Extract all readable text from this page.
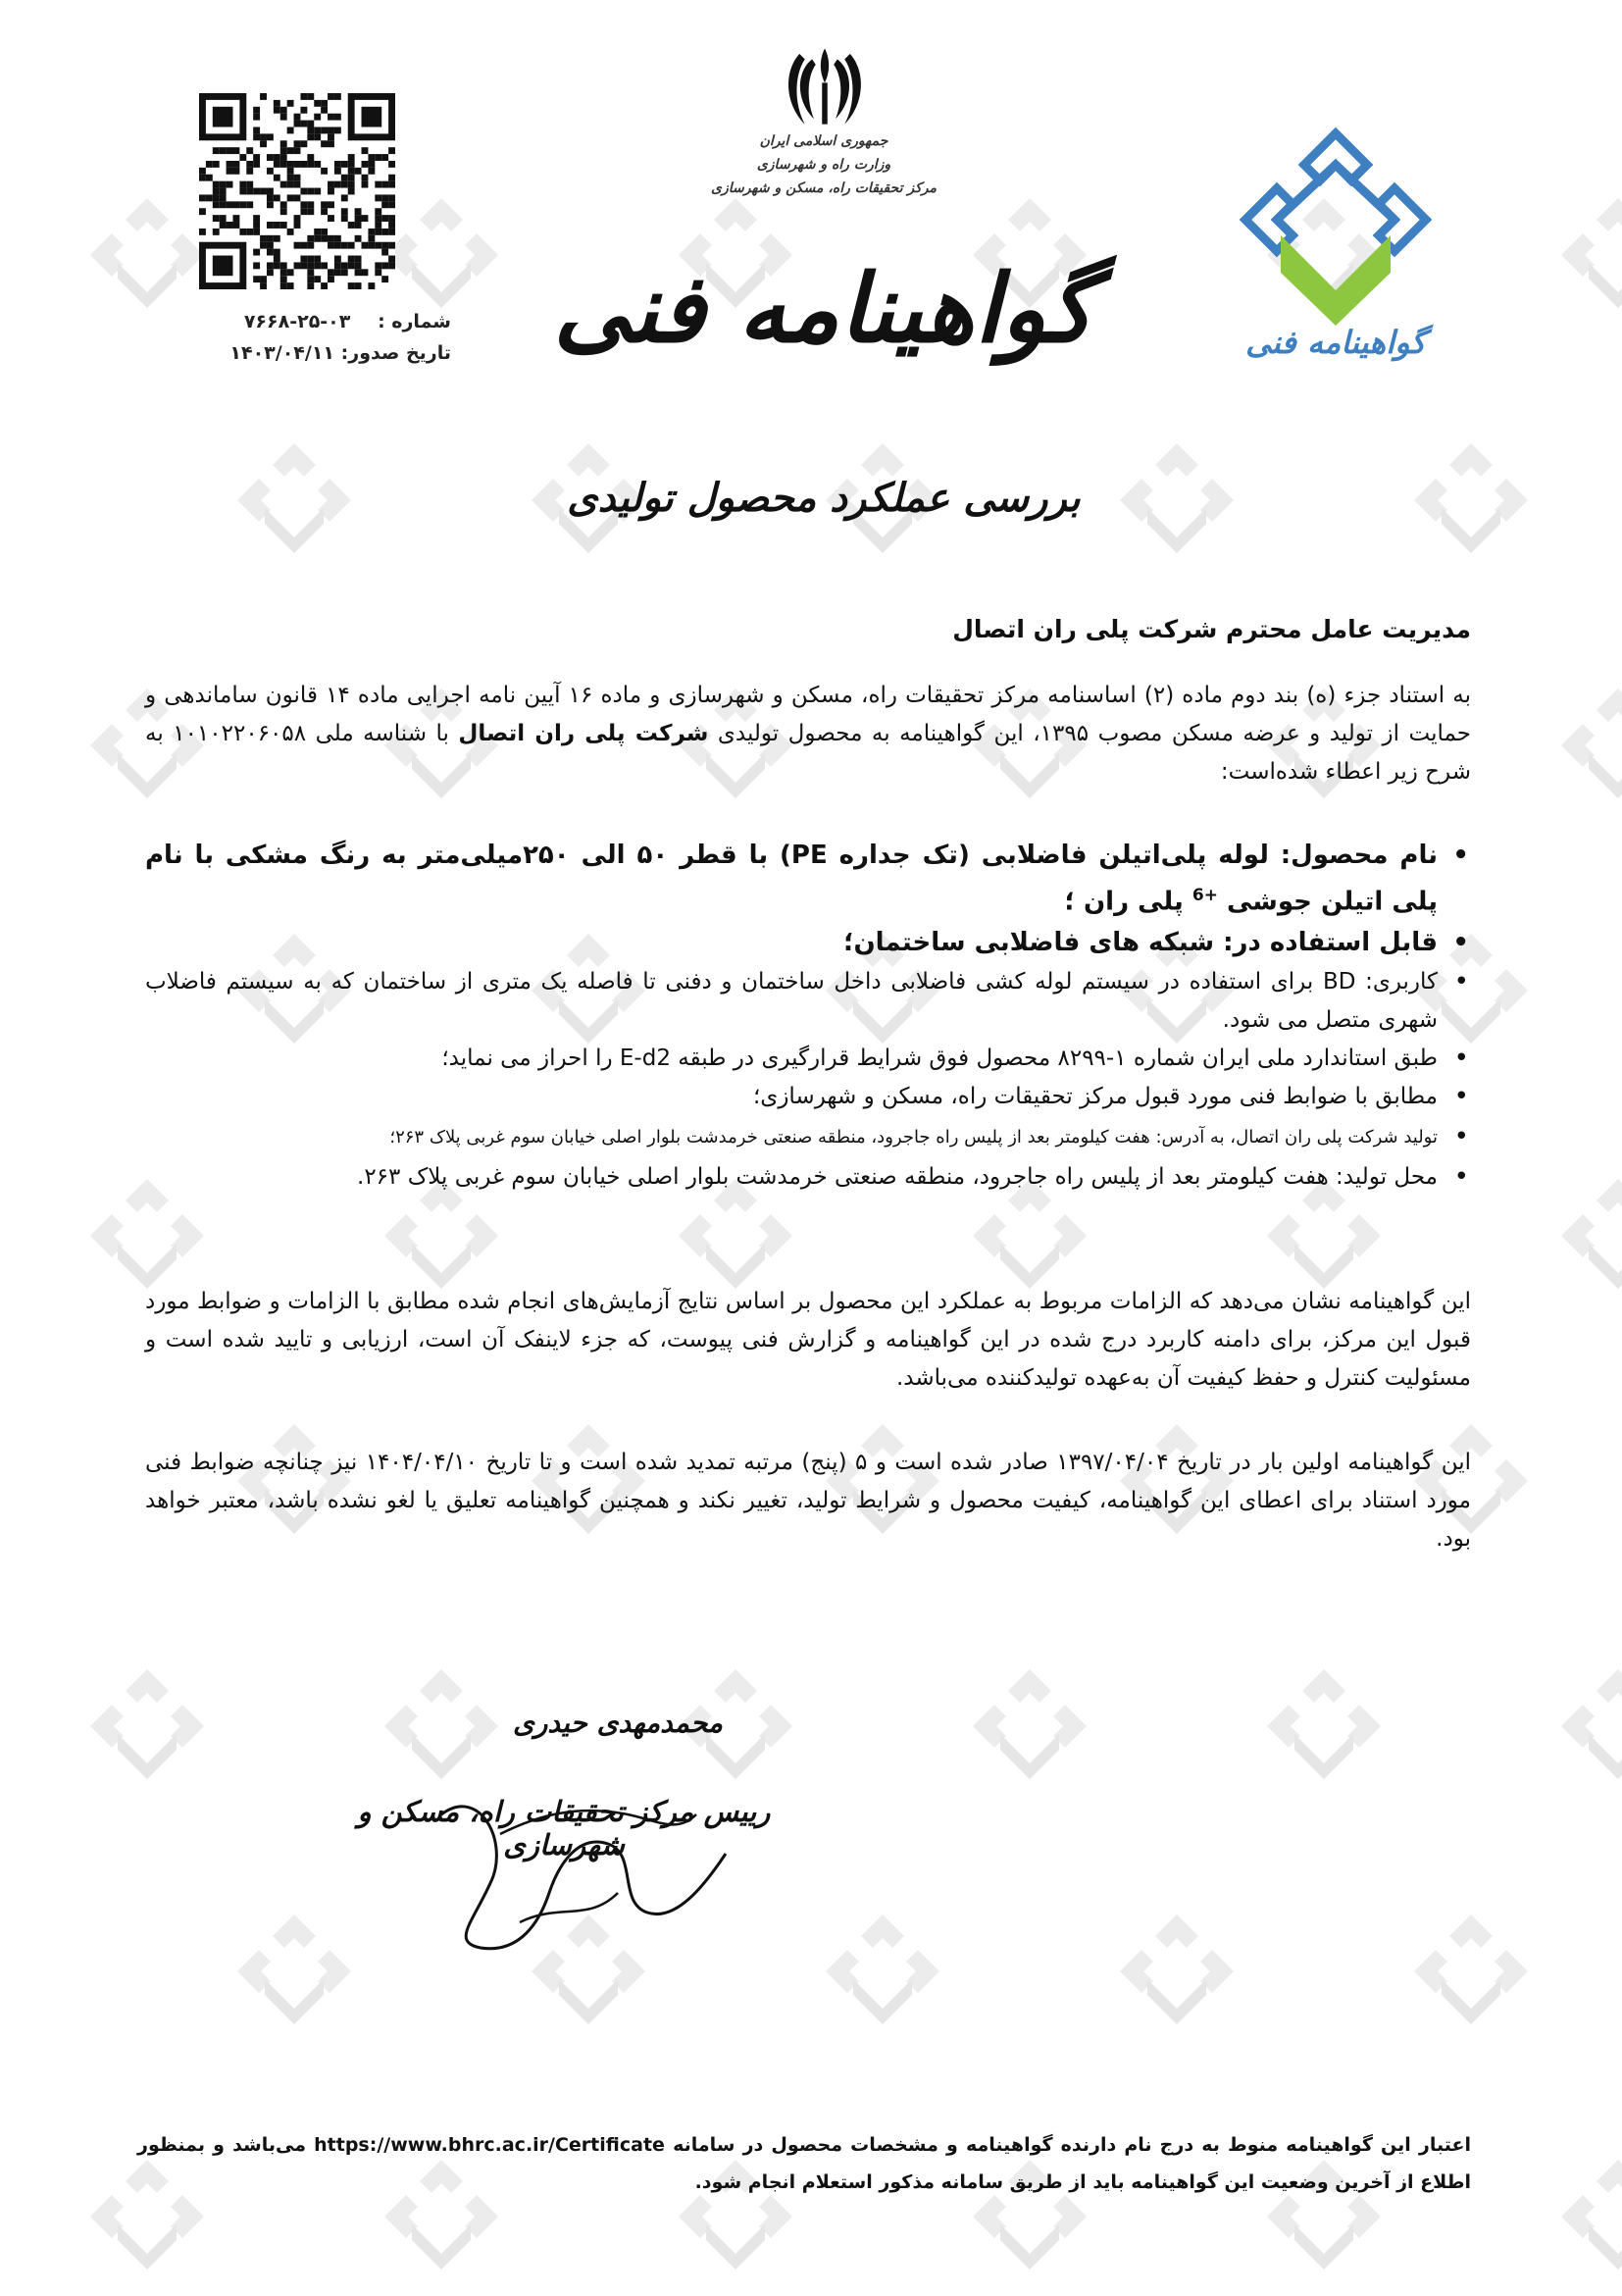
شماره : ۷۶۶۸-۲۵-۰۳
تاریخ صدور: ۱۴۰۳/۰۴/۱۱
جمهوری اسلامی ایران
وزارت راه و شهرسازی
مرکز تحقیقات راه، مسکن و شهرسازی
گواهینامه فنی
بررسی عملکرد محصول تولیدی
گواهینامه فنی
مدیریت عامل محترم شرکت پلی ران اتصال
به استناد جزء (ه) بند دوم ماده (۲) اساسنامه مرکز تحقیقات راه، مسکن و شهرسازی و ماده ۱۶ آیین نامه اجرایی ماده ۱۴ قانون ساماندهی و حمایت از تولید و عرضه مسکن مصوب ۱۳۹۵، این گواهینامه به محصول تولیدی شرکت پلی ران اتصال با شناسه ملی ۱۰۱۰۲۲۰۶۰۵۸ به شرح زیر اعطاء شده‌است:
• نام محصول: لوله پلی‌اتیلن فاضلابی (تک جداره PE) با قطر ۵۰ الی ۲۵۰میلی‌متر به رنگ مشکی با نام پلی اتیلن جوشی $^{+6}$ پلی ران ؛
• قابل استفاده در: شبکه های فاضلابی ساختمان؛
• کاربری: BD برای استفاده در سیستم لوله کشی فاضلابی داخل ساختمان و دفنی تا فاصله یک متری از ساختمان که به سیستم فاضلاب شهری متصل می شود.
• طبق استاندارد ملی ایران شماره ۱-۸۲۹۹ محصول فوق شرایط قرارگیری در طبقه E-d2 را احراز می نماید؛
• مطابق با ضوابط فنی مورد قبول مرکز تحقیقات راه، مسکن و شهرسازی؛
• تولید شرکت پلی ران اتصال، به آدرس: هفت کیلومتر بعد از پلیس راه جاجرود، منطقه صنعتی خرمدشت بلوار اصلی خیابان سوم غربی پلاک ۲۶۳؛
• محل تولید: هفت کیلومتر بعد از پلیس راه جاجرود، منطقه صنعتی خرمدشت بلوار اصلی خیابان سوم غربی پلاک ۲۶۳.
این گواهینامه نشان می‌دهد که الزامات مربوط به عملکرد این محصول بر اساس نتایج آزمایش‌های انجام شده مطابق با الزامات و ضوابط مورد قبول این مرکز، برای دامنه کاربرد درج شده در این گواهینامه و گزارش فنی پیوست، که جزء لاینفک آن است، ارزیابی و تایید شده است و مسئولیت کنترل و حفظ کیفیت آن به‌عهده تولیدکننده می‌باشد.
این گواهینامه اولین بار در تاریخ ۱۳۹۷/۰۴/۰۴ صادر شده است و ۵ (پنج) مرتبه تمدید شده است و تا تاریخ ۱۴۰۴/۰۴/۱۰ نیز چنانچه ضوابط فنی مورد استناد برای اعطای این گواهینامه، کیفیت محصول و شرایط تولید، تغییر نکند و همچنین گواهینامه تعلیق یا لغو نشده باشد، معتبر خواهد بود.
محمدمهدی حیدری
رییس مرکز تحقیقات راه، مسکن و شهرسازی
اعتبار این گواهینامه منوط به درج نام دارنده گواهینامه و مشخصات محصول در سامانه https://www.bhrc.ac.ir/Certificate می‌باشد و بمنظور اطلاع از آخرین وضعیت این گواهینامه باید از طریق سامانه مذکور استعلام انجام شود.
